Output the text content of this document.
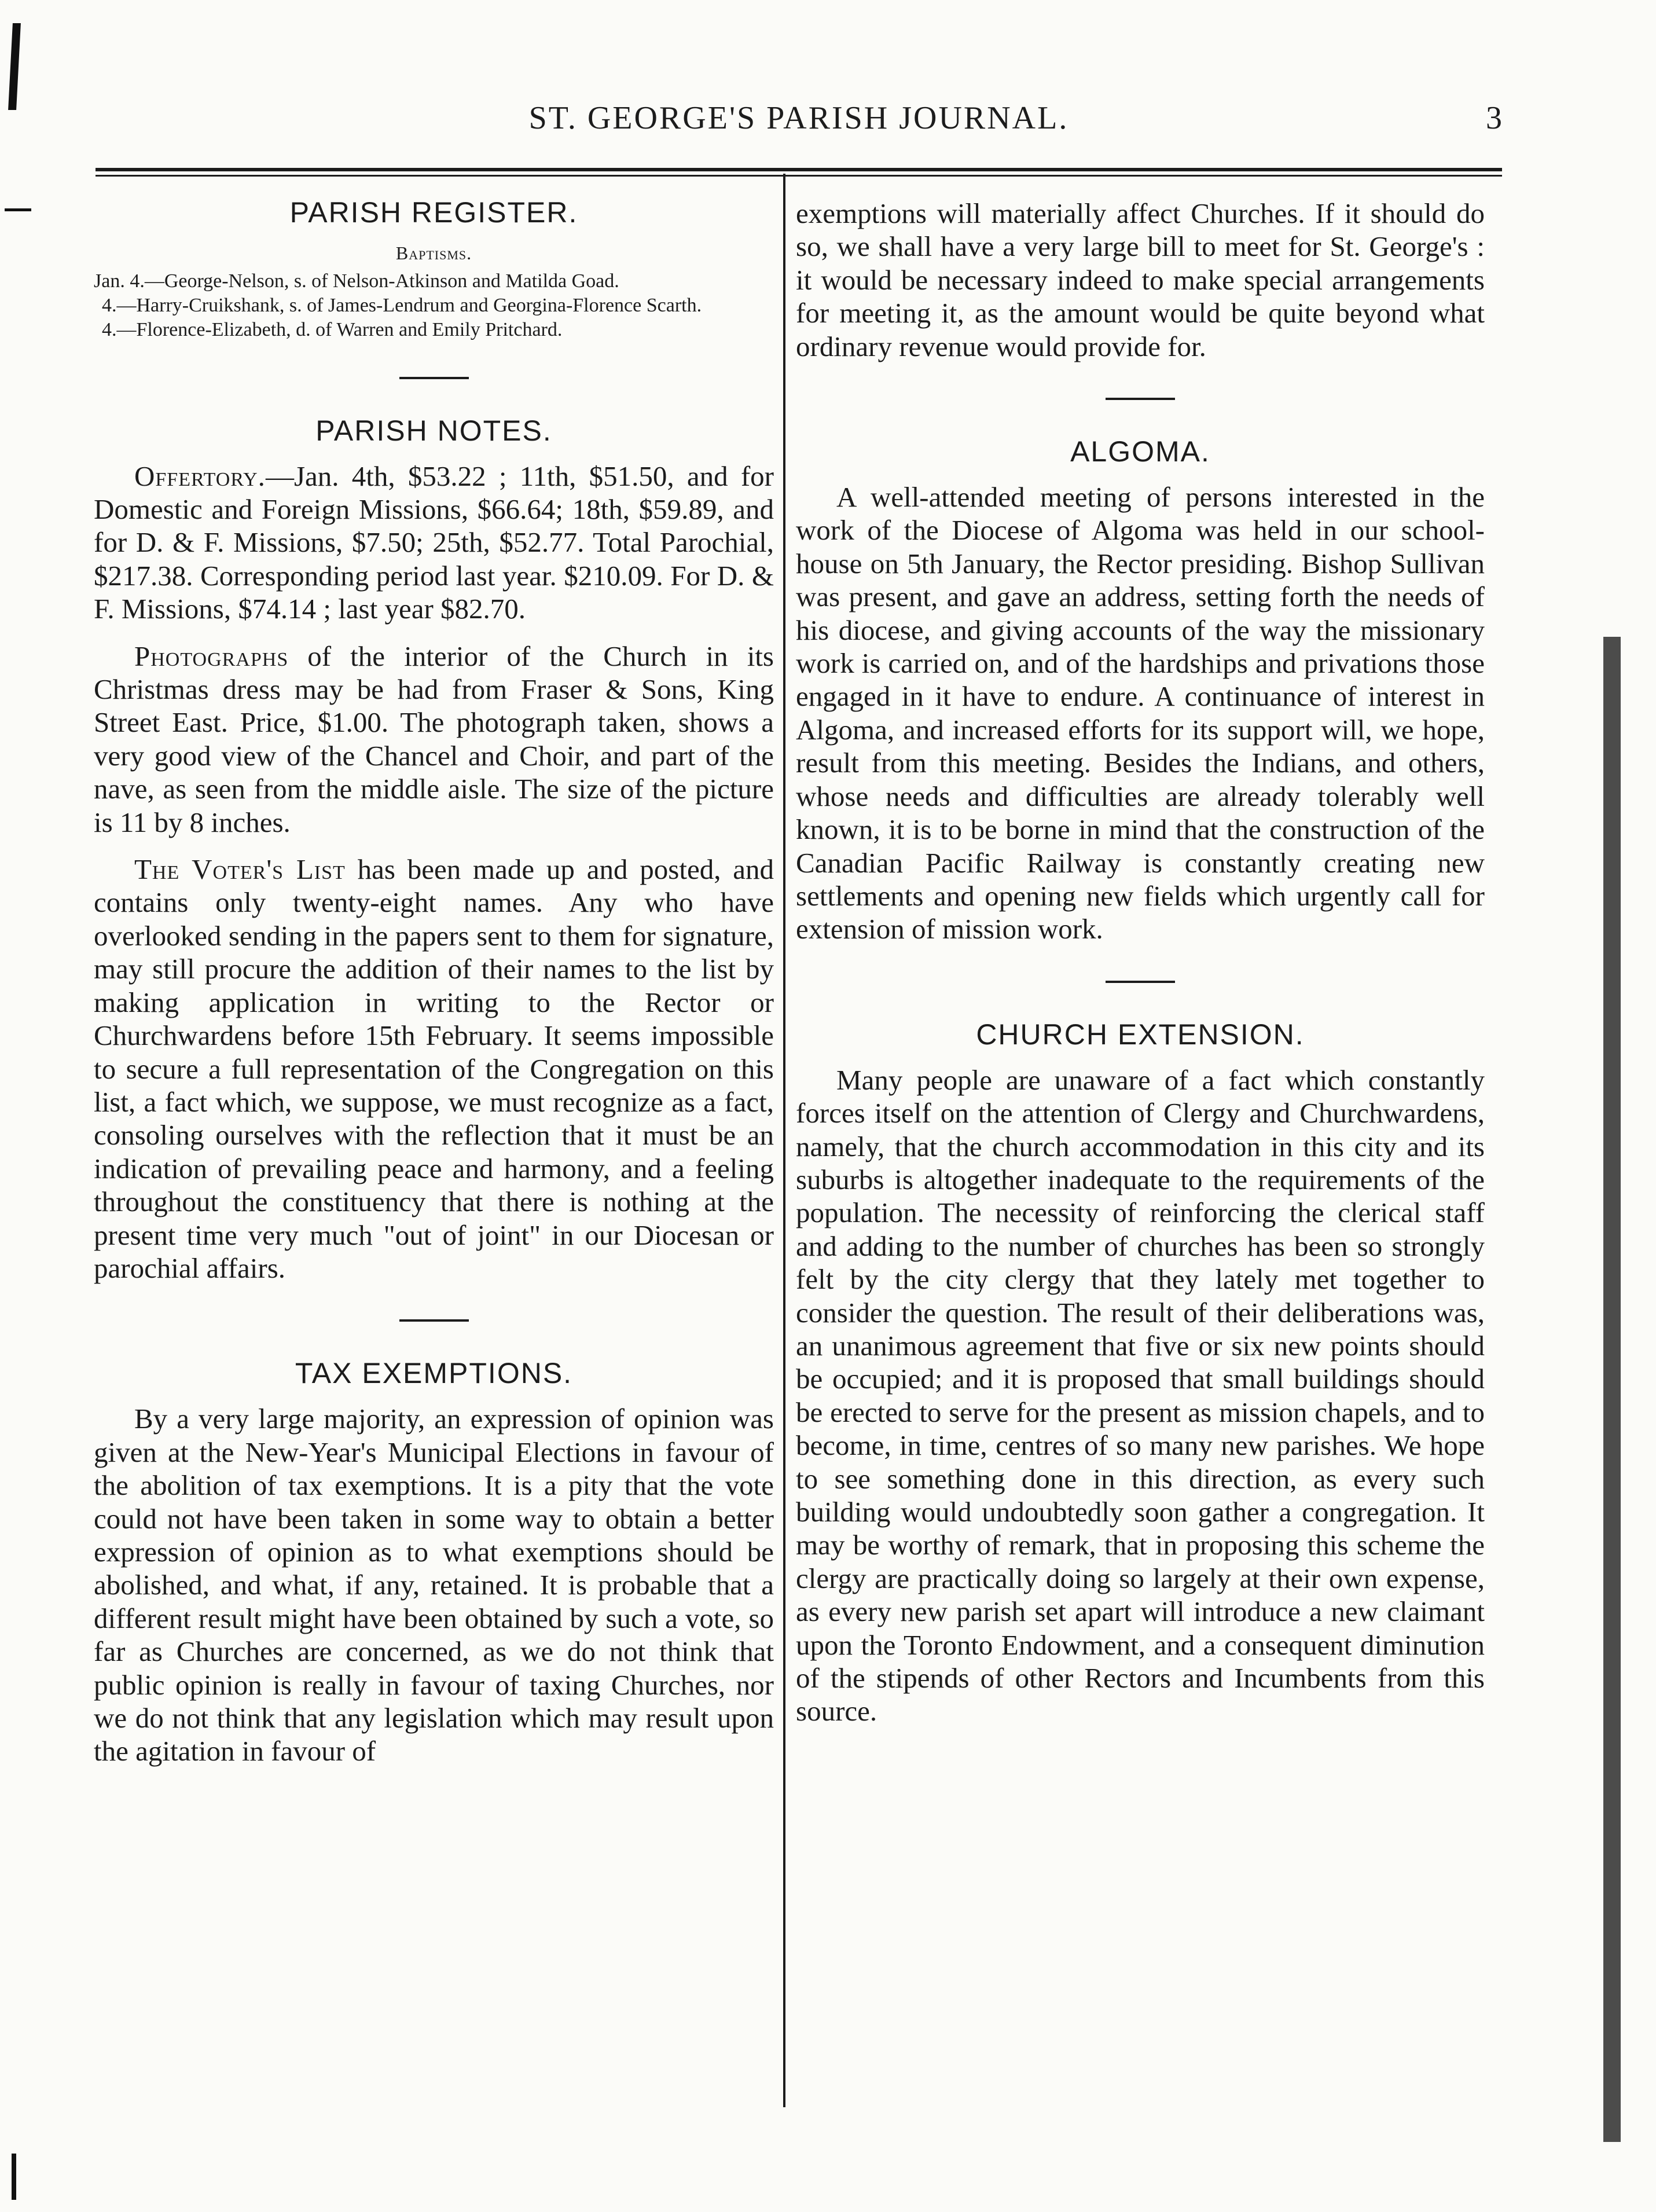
ST. GEORGE'S PARISH JOURNAL.	3
PARISH REGISTER.
Baptisms.
Jan. 4.—George-Nelson, s. of Nelson-Atkinson and Matilda Goad.
4.—Harry-Cruikshank, s. of James-Lendrum and Georgina-Florence Scarth.
4.—Florence-Elizabeth, d. of Warren and Emily Pritchard.
PARISH NOTES.

Offertory.—Jan. 4th, $53.22 ; 11th, $51.50, and for Domestic and Foreign Missions, $66.64; 18th, $59.89, and for D. & F. Missions, $7.50; 25th, $52.77. Total Parochial, $217.38. Corresponding period last year. $210.09. For D. & F. Missions, $74.14 ; last year $82.70.

Photographs of the interior of the Church in its Christmas dress may be had from Fraser & Sons, King Street East. Price, $1.00. The photograph taken, shows a very good view of the Chancel and Choir, and part of the nave, as seen from the middle aisle. The size of the picture is 11 by 8 inches.

The Voter's List has been made up and posted, and contains only twenty-eight names. Any who have overlooked sending in the papers sent to them for signature, may still procure the addition of their names to the list by making application in writing to the Rector or Churchwardens before 15th February. It seems impossible to secure a full representation of the Congregation on this list, a fact which, we suppose, we must recognize as a fact, consoling ourselves with the reflection that it must be an indication of prevailing peace and harmony, and a feeling throughout the constituency that there is nothing at the present time very much "out of joint" in our Diocesan or parochial affairs.

TAX EXEMPTIONS.

By a very large majority, an expression of opinion was given at the New-Year's Municipal Elections in favour of the abolition of tax exemptions. It is a pity that the vote could not have been taken in some way to obtain a better expression of opinion as to what exemptions should be abolished, and what, if any, retained. It is probable that a different result might have been obtained by such a vote, so far as Churches are concerned, as we do not think that public opinion is really in favour of taxing Churches, nor we do not think that any legislation which may result upon the agitation in favour of

exemptions will materially affect Churches. If it should do so, we shall have a very large bill to meet for St. George's : it would be necessary indeed to make special arrangements for meeting it, as the amount would be quite beyond what ordinary revenue would provide for.

ALGOMA.

A well-attended meeting of persons interested in the work of the Diocese of Algoma was held in our school-house on 5th January, the Rector presiding. Bishop Sullivan was present, and gave an address, setting forth the needs of his diocese, and giving accounts of the way the missionary work is carried on, and of the hardships and privations those engaged in it have to endure. A continuance of interest in Algoma, and increased efforts for its support will, we hope, result from this meeting. Besides the Indians, and others, whose needs and difficulties are already tolerably well known, it is to be borne in mind that the construction of the Canadian Pacific Railway is constantly creating new settlements and opening new fields which urgently call for extension of mission work.

CHURCH EXTENSION.

Many people are unaware of a fact which constantly forces itself on the attention of Clergy and Churchwardens, namely, that the church accommodation in this city and its suburbs is altogether inadequate to the requirements of the population. The necessity of reinforcing the clerical staff and adding to the number of churches has been so strongly felt by the city clergy that they lately met together to consider the question. The result of their deliberations was, an unanimous agreement that five or six new points should be occupied; and it is proposed that small buildings should be erected to serve for the present as mission chapels, and to become, in time, centres of so many new parishes. We hope to see something done in this direction, as every such building would undoubtedly soon gather a congregation. It may be worthy of remark, that in proposing this scheme the clergy are practically doing so largely at their own expense, as every new parish set apart will introduce a new claimant upon the Toronto Endowment, and a consequent diminution of the stipends of other Rectors and Incumbents from this source.
